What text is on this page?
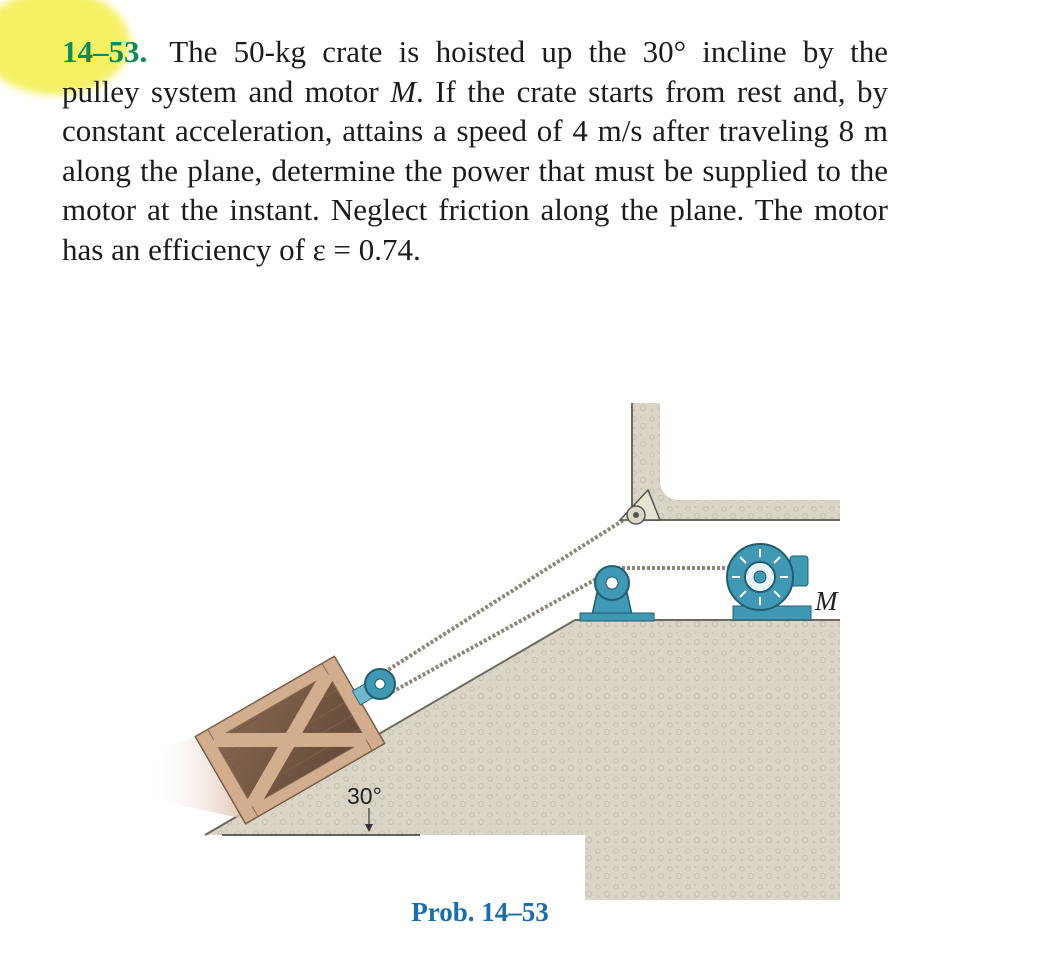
14–53. The 50-kg crate is hoisted up the 30° incline by the pulley system and motor M. If the crate starts from rest and, by constant acceleration, attains a speed of 4 m/s after traveling 8 m along the plane, determine the power that must be supplied to the motor at the instant. Neglect friction along the plane. The motor has an efficiency of ε = 0.74.
30°
M
Prob. 14–53
